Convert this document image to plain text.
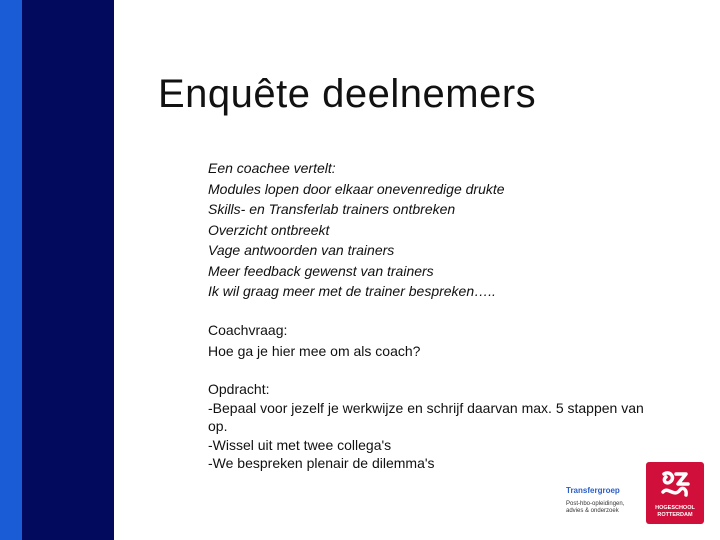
Enquête deelnemers
Een coachee vertelt:
Modules lopen door elkaar onevenredige drukte
Skills- en Transferlab trainers ontbreken
Overzicht ontbreekt
Vage antwoorden van trainers
Meer feedback gewenst van trainers
Ik wil graag meer met de trainer bespreken…..
Coachvraag:
Hoe ga je hier mee om als coach?
Opdracht:
-Bepaal voor jezelf je werkwijze en schrijf daarvan max. 5 stappen van op.
-Wissel uit met twee collega's
-We bespreken plenair de dilemma's
Transfergroep
Post-hbo-opleidingen,
advies & onderzoek	HOGESCHOOL
ROTTERDAM
